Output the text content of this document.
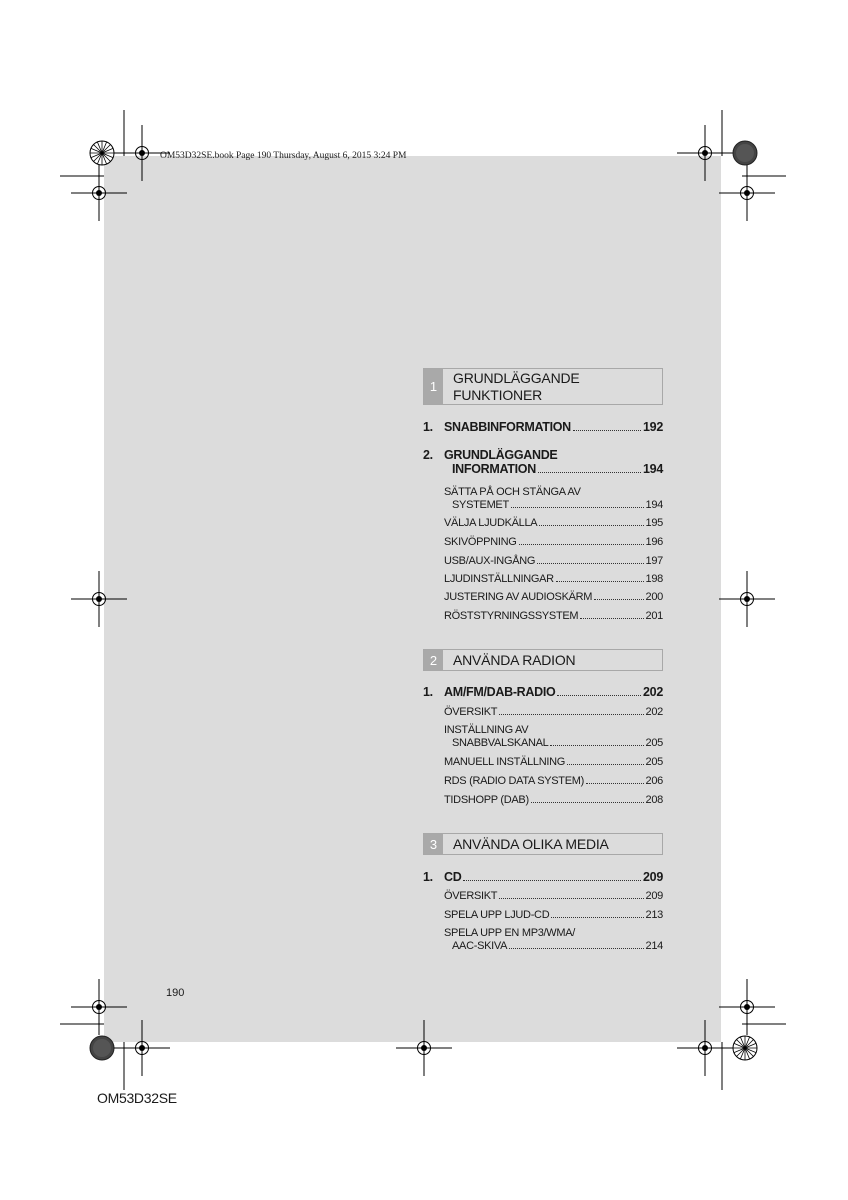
OM53D32SE.book Page 190 Thursday, August 6, 2015 3:24 PM
1
GRUNDLÄGGANDE
FUNKTIONER
1. SNABBINFORMATION	192
2. GRUNDLÄGGANDE
INFORMATION	194
SÄTTA PÅ OCH STÄNGA AV
SYSTEMET	194
VÄLJA LJUDKÄLLA	195
SKIVÖPPNING	196
USB/AUX-INGÅNG	197
LJUDINSTÄLLNINGAR	198
JUSTERING AV AUDIOSKÄRM	200
RÖSTSTYRNINGSSYSTEM	201
2	ANVÄNDA RADION
1. AM/FM/DAB-RADIO	202
ÖVERSIKT	202
INSTÄLLNING AV
SNABBVALSKANAL	205
MANUELL INSTÄLLNING	205
RDS (RADIO DATA SYSTEM)	206
TIDSHOPP (DAB)	208
3	ANVÄNDA OLIKA MEDIA
1. CD	209
ÖVERSIKT	209
SPELA UPP LJUD-CD	213
SPELA UPP EN MP3/WMA/
AAC-SKIVA	214
190
OM53D32SE
